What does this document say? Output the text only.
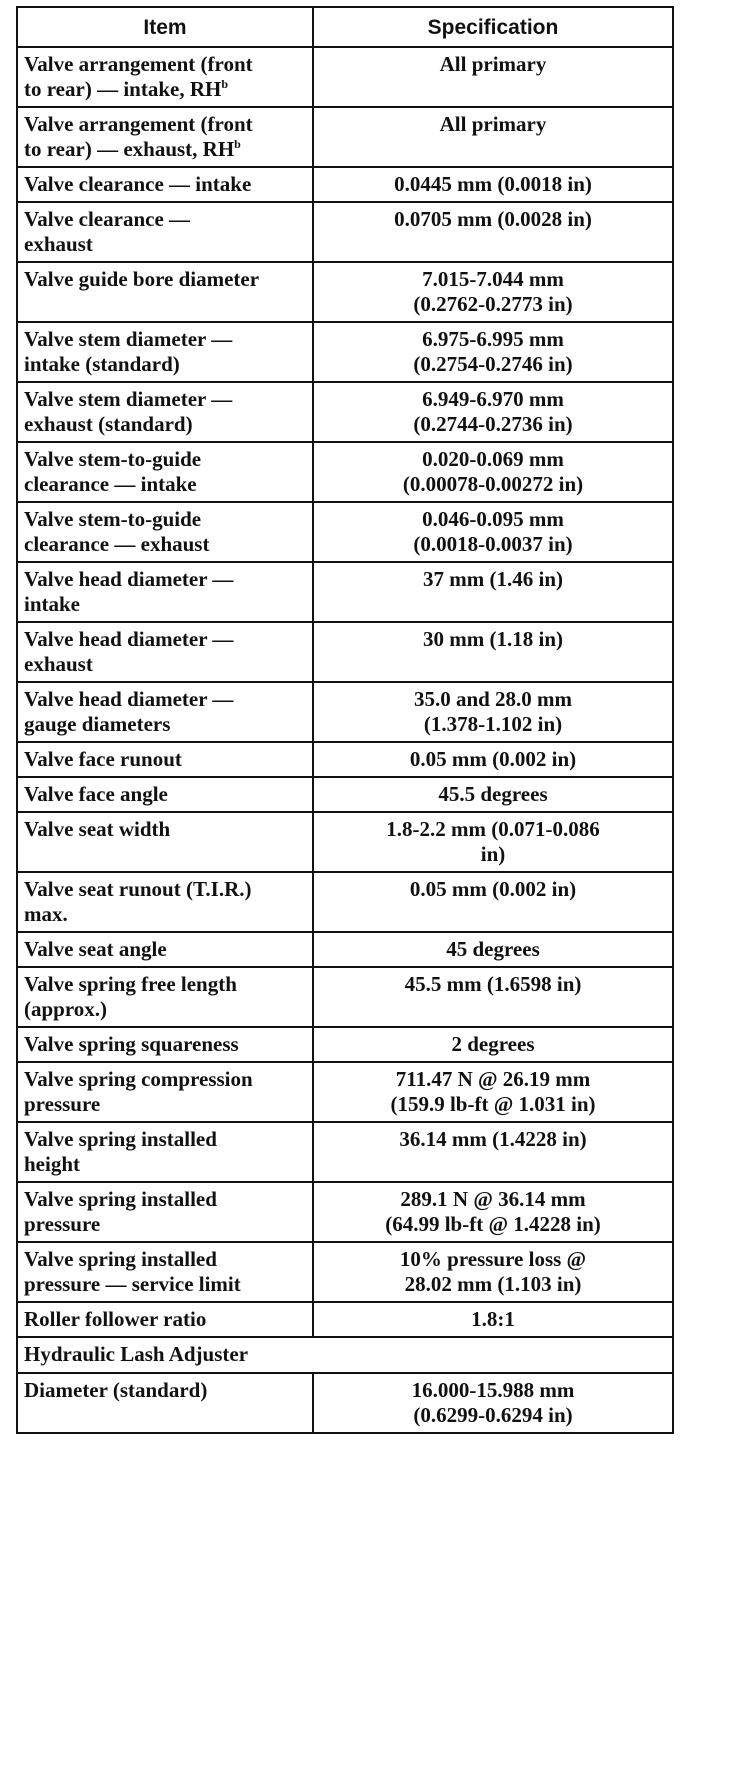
Item	Specification
Valve arrangement (front
to rear) — intake, RH$^b$	All primary
Valve arrangement (front
to rear) — exhaust, RH$^b$	All primary
Valve clearance — intake	0.0445 mm (0.0018 in)
Valve clearance —
exhaust	0.0705 mm (0.0028 in)
Valve guide bore diameter	7.015-7.044 mm
(0.2762-0.2773 in)
Valve stem diameter —
intake (standard)	6.975-6.995 mm
(0.2754-0.2746 in)
Valve stem diameter —
exhaust (standard)	6.949-6.970 mm
(0.2744-0.2736 in)
Valve stem-to-guide
clearance — intake	0.020-0.069 mm
(0.00078-0.00272 in)
Valve stem-to-guide
clearance — exhaust	0.046-0.095 mm
(0.0018-0.0037 in)
Valve head diameter —
intake	37 mm (1.46 in)
Valve head diameter —
exhaust	30 mm (1.18 in)
Valve head diameter —
gauge diameters	35.0 and 28.0 mm
(1.378-1.102 in)
Valve face runout	0.05 mm (0.002 in)
Valve face angle	45.5 degrees
Valve seat width	1.8-2.2 mm (0.071-0.086
in)
Valve seat runout (T.I.R.)
max.	0.05 mm (0.002 in)
Valve seat angle	45 degrees
Valve spring free length
(approx.)	45.5 mm (1.6598 in)
Valve spring squareness	2 degrees
Valve spring compression
pressure	711.47 N @ 26.19 mm
(159.9 lb-ft @ 1.031 in)
Valve spring installed
height	36.14 mm (1.4228 in)
Valve spring installed
pressure	289.1 N @ 36.14 mm
(64.99 lb-ft @ 1.4228 in)
Valve spring installed
pressure — service limit	10% pressure loss @
28.02 mm (1.103 in)
Roller follower ratio	1.8:1
Hydraulic Lash Adjuster	
Diameter (standard)	16.000-15.988 mm
(0.6299-0.6294 in)
